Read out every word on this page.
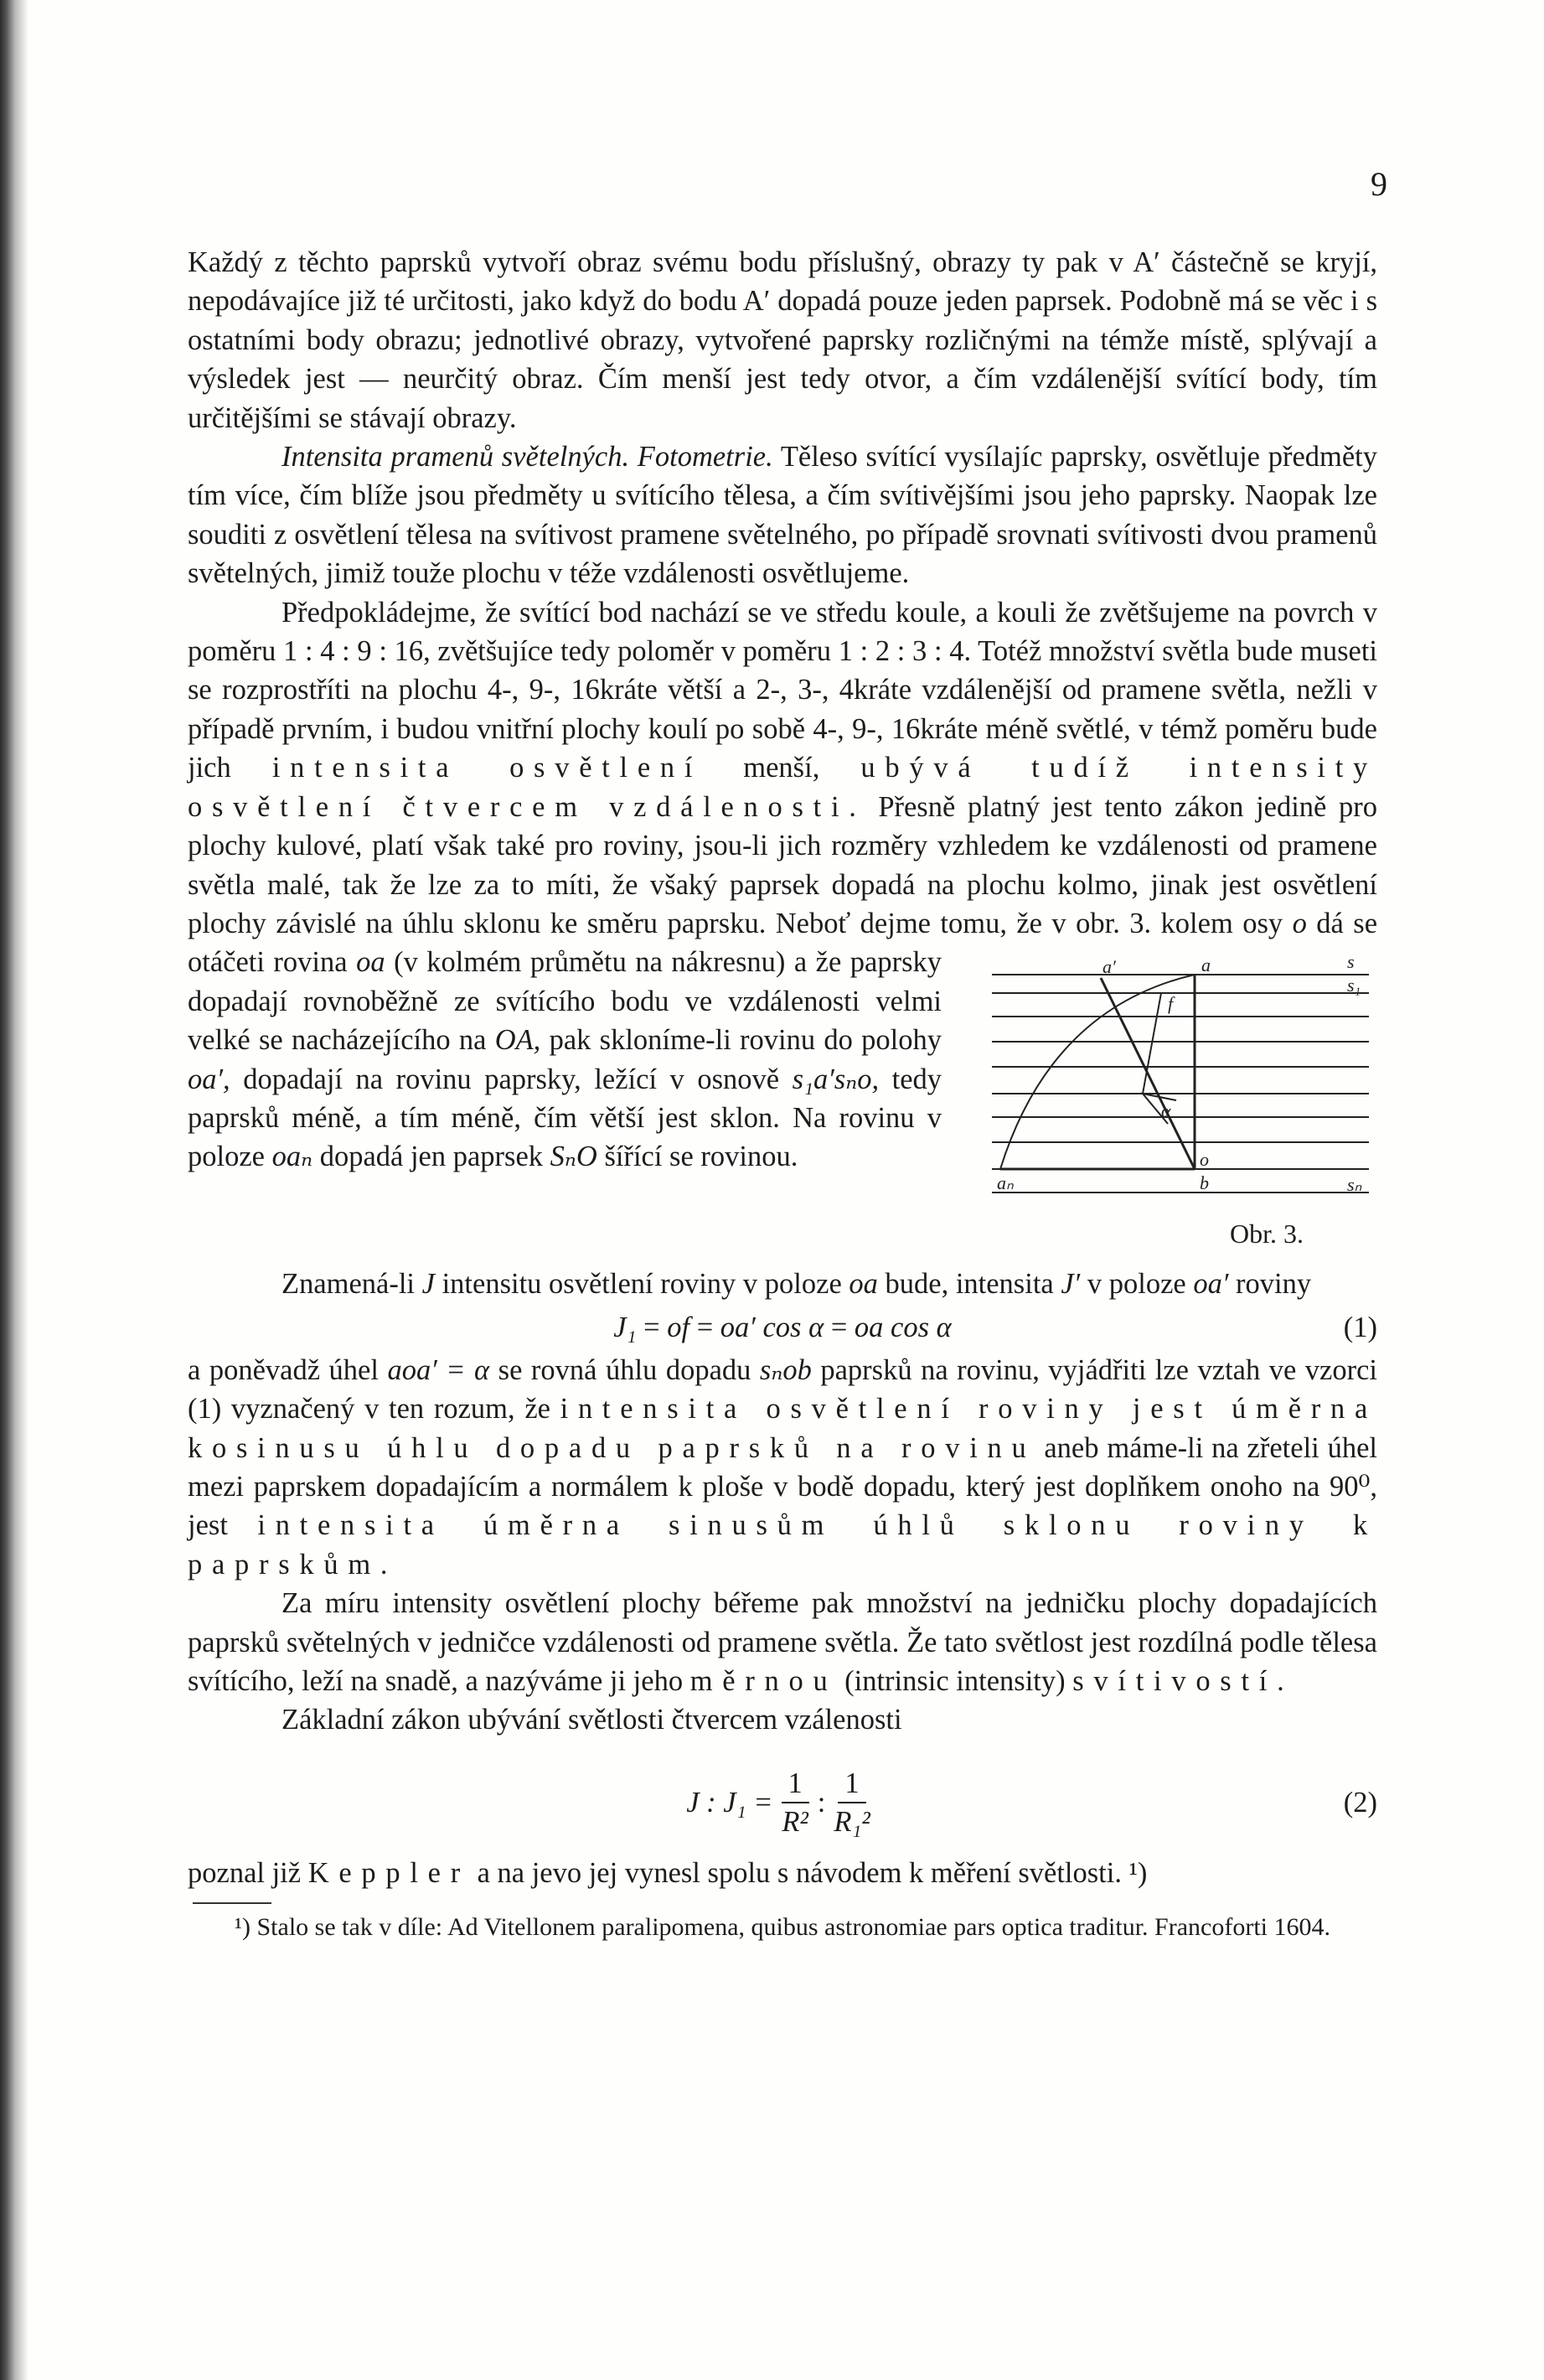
9

Každý z těchto paprsků vytvoří obraz svému bodu příslušný, obrazy ty pak v A′ částečně se kryjí, nepodávajíce již té určitosti, jako když do bodu A′ dopadá pouze jeden paprsek. Podobně má se věc i s ostatními body obrazu; jednotlivé obrazy, vytvořené paprsky rozličnými na témže místě, splývají a výsledek jest — neurčitý obraz. Čím menší jest tedy otvor, a čím vzdálenější svítící body, tím určitějšími se stávají obrazy.

Intensita pramenů světelných. Fotometrie. Těleso svítící vysílajíc paprsky, osvětluje předměty tím více, čím blíže jsou předměty u svítícího tělesa, a čím svítivějšími jsou jeho paprsky. Naopak lze souditi z osvětlení tělesa na svítivost pramene světelného, po případě srovnati svítivosti dvou pramenů světelných, jimiž touže plochu v téže vzdálenosti osvětlujeme.

Předpokládejme, že svítící bod nachází se ve středu koule, a kouli že zvětšujeme na povrch v poměru 1 : 4 : 9 : 16, zvětšujíce tedy poloměr v poměru 1 : 2 : 3 : 4. Totéž množství světla bude museti se rozprostříti na plochu 4-, 9-, 16kráte větší a 2-, 3-, 4kráte vzdálenější od pramene světla, nežli v případě prvním, i budou vnitřní plochy koulí po sobě 4-, 9-, 16kráte méně světlé, v témž poměru bude jich intensita osvětlení menší, ubývá tudíž intensity osvětlení čtvercem vzdálenosti. Přesně platný jest tento zákon jedině pro plochy kulové, platí však také pro roviny, jsou-li jich rozměry vzhledem ke vzdálenosti od pramene světla malé, tak že lze za to míti, že všaký paprsek dopadá na plochu kolmo, jinak jest osvětlení plochy závislé na úhlu sklonu ke směru paprsku. Neboť dejme tomu, že v obr. 3. kolem osy o dá se otáčeti rovina	a′	a
f
α
o
s
s₁
sₙ
aₙ	b
Obr. 3.
oa (v kolmém průmětu na nákresnu) a že paprsky dopadají rovnoběžně ze svítícího bodu ve vzdálenosti velmi velké se nacházejícího na OA, pak skloníme-li rovinu do polohy oa′, dopadají na rovinu paprsky, ležící v osnově s₁a′sₙo, tedy paprsků méně, a tím méně, čím větší jest sklon. Na rovinu v poloze oaₙ dopadá jen paprsek SₙO šířící se rovinou.

Znamená-li J intensitu osvětlení roviny v poloze oa bude, intensita J′ v poloze oa′ roviny

J₁
=
of
=
oa′ cos α
=
oa cos α	(1)

a poněvadž úhel aoa′ = α se rovná úhlu dopadu sₙob paprsků na rovinu, vyjádřiti lze vztah ve vzorci (1) vyznačený v ten rozum, že intensita osvětlení roviny jest úměrna kosinusu úhlu dopadu paprsků na rovinu aneb máme-li na zřeteli úhel mezi paprskem dopadajícím a normálem k ploše v bodě dopadu, který jest doplňkem onoho na 90⁰, jest intensita úměrna sinusům úhlů sklonu roviny k paprskům.

Za míru intensity osvětlení plochy béřeme pak množství na jedničku plochy dopadajících paprsků světelných v jedničce vzdálenosti od pramene světla. Že tato světlost jest rozdílná podle tělesa svítícího, leží na snadě, a nazýváme ji jeho měrnou (intrinsic intensity) svítivostí.

Základní zákon ubývání světlosti čtvercem vzálenosti

J : $J_1 = \frac{1}{\text{R²}}$ : $\frac{1}{\text{R₁²}}$	(2)

poznal již Keppler a na jevo jej vynesl spolu s návodem k měření světlosti. ¹)

¹) Stalo se tak v díle: Ad Vitellonem paralipomena, quibus astronomiae pars optica traditur. Francoforti 1604.
